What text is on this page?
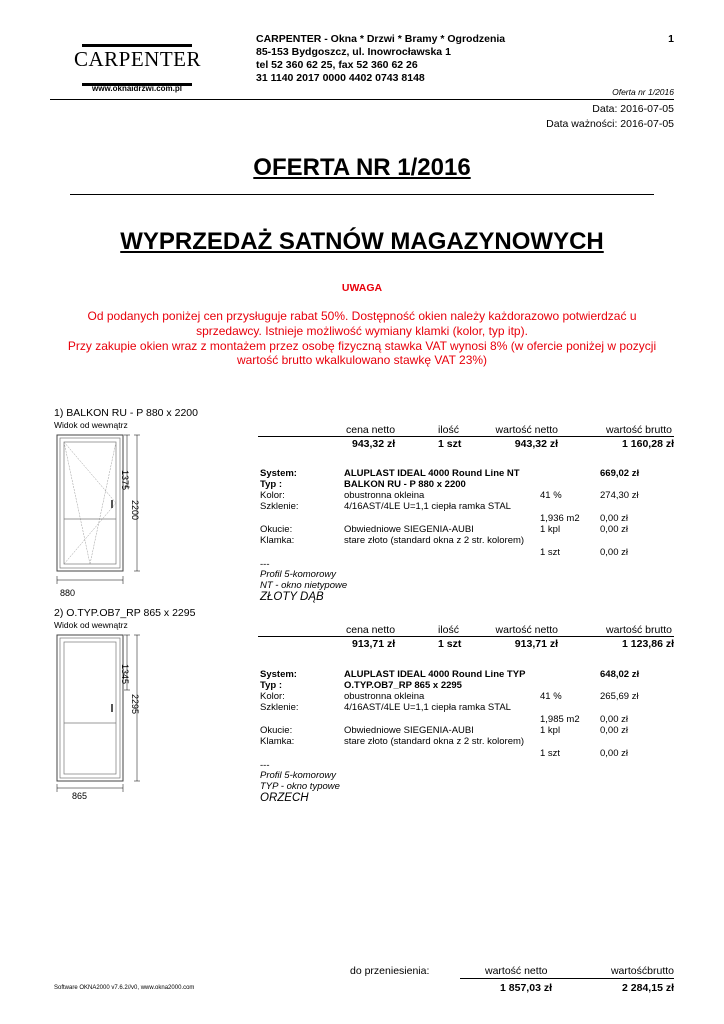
CARPENTER
www.oknaidrzwi.com.pl
CARPENTER - Okna * Drzwi * Bramy * Ogrodzenia
85-153 Bydgoszcz, ul. Inowrocławska 1
tel 52 360 62 25, fax 52 360 62 26
31 1140 2017 0000 4402 0743 8148
1
Oferta nr 1/2016
Data: 2016-07-05
Data ważności: 2016-07-05
OFERTA NR 1/2016
WYPRZEDAŻ SATNÓW MAGAZYNOWYCH
UWAGA
Od podanych poniżej cen przysługuje rabat 50%. Dostępność okien należy każdorazowo potwierdzać u
sprzedawcy. Istnieje możliwość wymiany klamki (kolor, typ itp).
Przy zakupie okien wraz z montażem przez osobę fizyczną stawka VAT wynosi 8% (w ofercie poniżej w pozycji
wartość brutto wkalkulowano stawkę VAT 23%)
1) BALKON RU - P 880 x 2200
Widok od wewnątrz
1375
2200
880
cena netto	ilość	wartość netto	wartość brutto
943,32 zł	1 szt	943,32 zł	1 160,28 zł
System:	ALUPLAST IDEAL 4000 Round Line NT	669,02 zł
Typ :	BALKON RU - P 880 x 2200
Kolor:	obustronna okleina	41 %	274,30 zł
Szklenie:	4/16AST/4LE U=1,1 ciepła ramka STAL
1,936 m2 0,00 zł
Okucie:	Obwiedniowe SIEGENIA-AUBI	1 kpl	0,00 zł
Klamka:	stare złoto (standard okna z 2 str. kolorem)
1 szt	0,00 zł
---
Profil 5-komorowy
NT - okno nietypowe
ZŁOTY DĄB
2) O.TYP.OB7_RP 865 x 2295
Widok od wewnątrz
1345
2295
865
cena netto	ilość	wartość netto	wartość brutto
913,71 zł	1 szt	913,71 zł	1 123,86 zł
System:	ALUPLAST IDEAL 4000 Round Line TYP	648,02 zł
Typ :	O.TYP.OB7_RP 865 x 2295
Kolor:	obustronna okleina	41 %	265,69 zł
Szklenie:	4/16AST/4LE U=1,1 ciepła ramka STAL
1,985 m2 0,00 zł
Okucie:	Obwiedniowe SIEGENIA-AUBI	1 kpl	0,00 zł
Klamka:	stare złoto (standard okna z 2 str. kolorem)
1 szt	0,00 zł
---
Profil 5-komorowy
TYP - okno typowe
ORZECH
do przeniesienia:	wartość netto	wartośćbrutto
1 857,03 zł	2 284,15 zł
Software OKNA2000 v7.6.2//v0, www.okna2000.com
